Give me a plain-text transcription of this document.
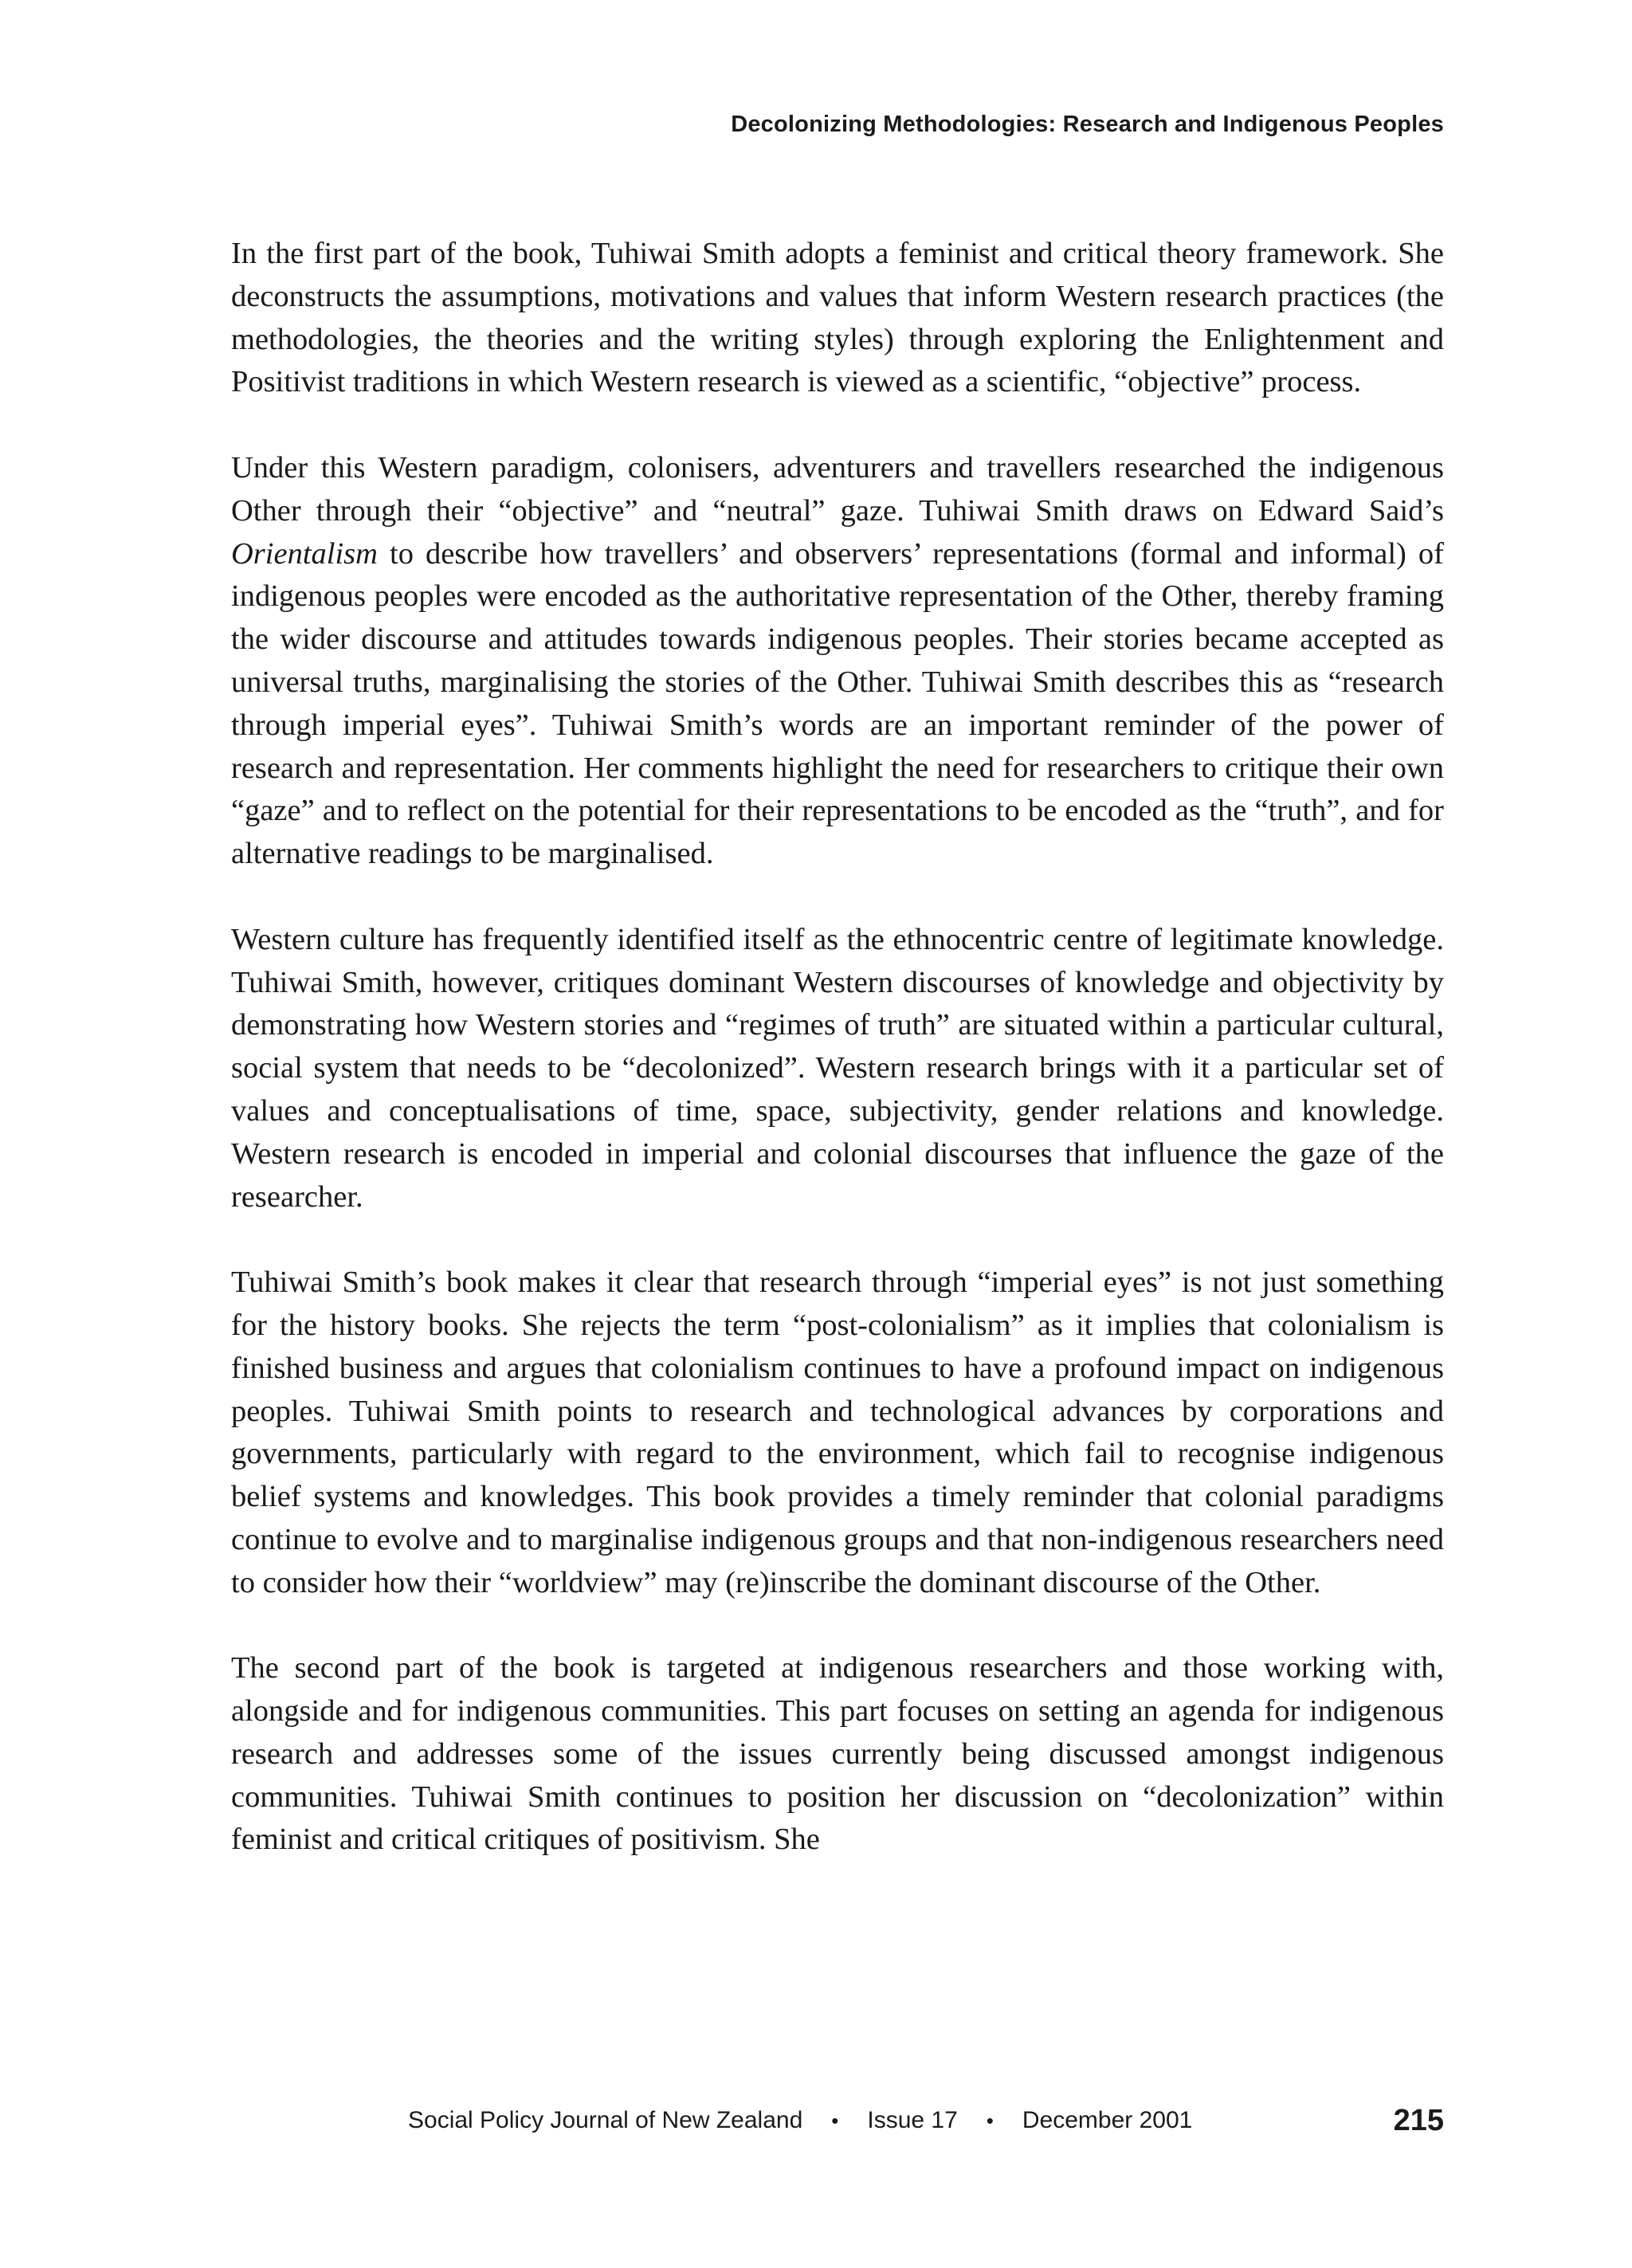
Decolonizing Methodologies: Research and Indigenous Peoples

In the first part of the book, Tuhiwai Smith adopts a feminist and critical theory framework. She deconstructs the assumptions, motivations and values that inform Western research practices (the methodologies, the theories and the writing styles) through exploring the Enlightenment and Positivist traditions in which Western research is viewed as a scientific, “objective” process.

Under this Western paradigm, colonisers, adventurers and travellers researched the indigenous Other through their “objective” and “neutral” gaze. Tuhiwai Smith draws on Edward Said’s Orientalism to describe how travellers’ and observers’ representations (formal and informal) of indigenous peoples were encoded as the authoritative representation of the Other, thereby framing the wider discourse and attitudes towards indigenous peoples. Their stories became accepted as universal truths, marginalising the stories of the Other. Tuhiwai Smith describes this as “research through imperial eyes”. Tuhiwai Smith’s words are an important reminder of the power of research and representation. Her comments highlight the need for researchers to critique their own “gaze” and to reflect on the potential for their representations to be encoded as the “truth”, and for alternative readings to be marginalised.

Western culture has frequently identified itself as the ethnocentric centre of legitimate knowledge. Tuhiwai Smith, however, critiques dominant Western discourses of knowledge and objectivity by demonstrating how Western stories and “regimes of truth” are situated within a particular cultural, social system that needs to be “decolonized”. Western research brings with it a particular set of values and conceptualisations of time, space, subjectivity, gender relations and knowledge. Western research is encoded in imperial and colonial discourses that influence the gaze of the researcher.

Tuhiwai Smith’s book makes it clear that research through “imperial eyes” is not just something for the history books. She rejects the term “post-colonialism” as it implies that colonialism is finished business and argues that colonialism continues to have a profound impact on indigenous peoples. Tuhiwai Smith points to research and technological advances by corporations and governments, particularly with regard to the environment, which fail to recognise indigenous belief systems and knowledges. This book provides a timely reminder that colonial paradigms continue to evolve and to marginalise indigenous groups and that non-indigenous researchers need to consider how their “worldview” may (re)inscribe the dominant discourse of the Other.

The second part of the book is targeted at indigenous researchers and those working with, alongside and for indigenous communities. This part focuses on setting an agenda for indigenous research and addresses some of the issues currently being discussed amongst indigenous communities. Tuhiwai Smith continues to position her discussion on “decolonization” within feminist and critical critiques of positivism. She

Social Policy Journal of New Zealand • Issue 17 • December 2001	215
